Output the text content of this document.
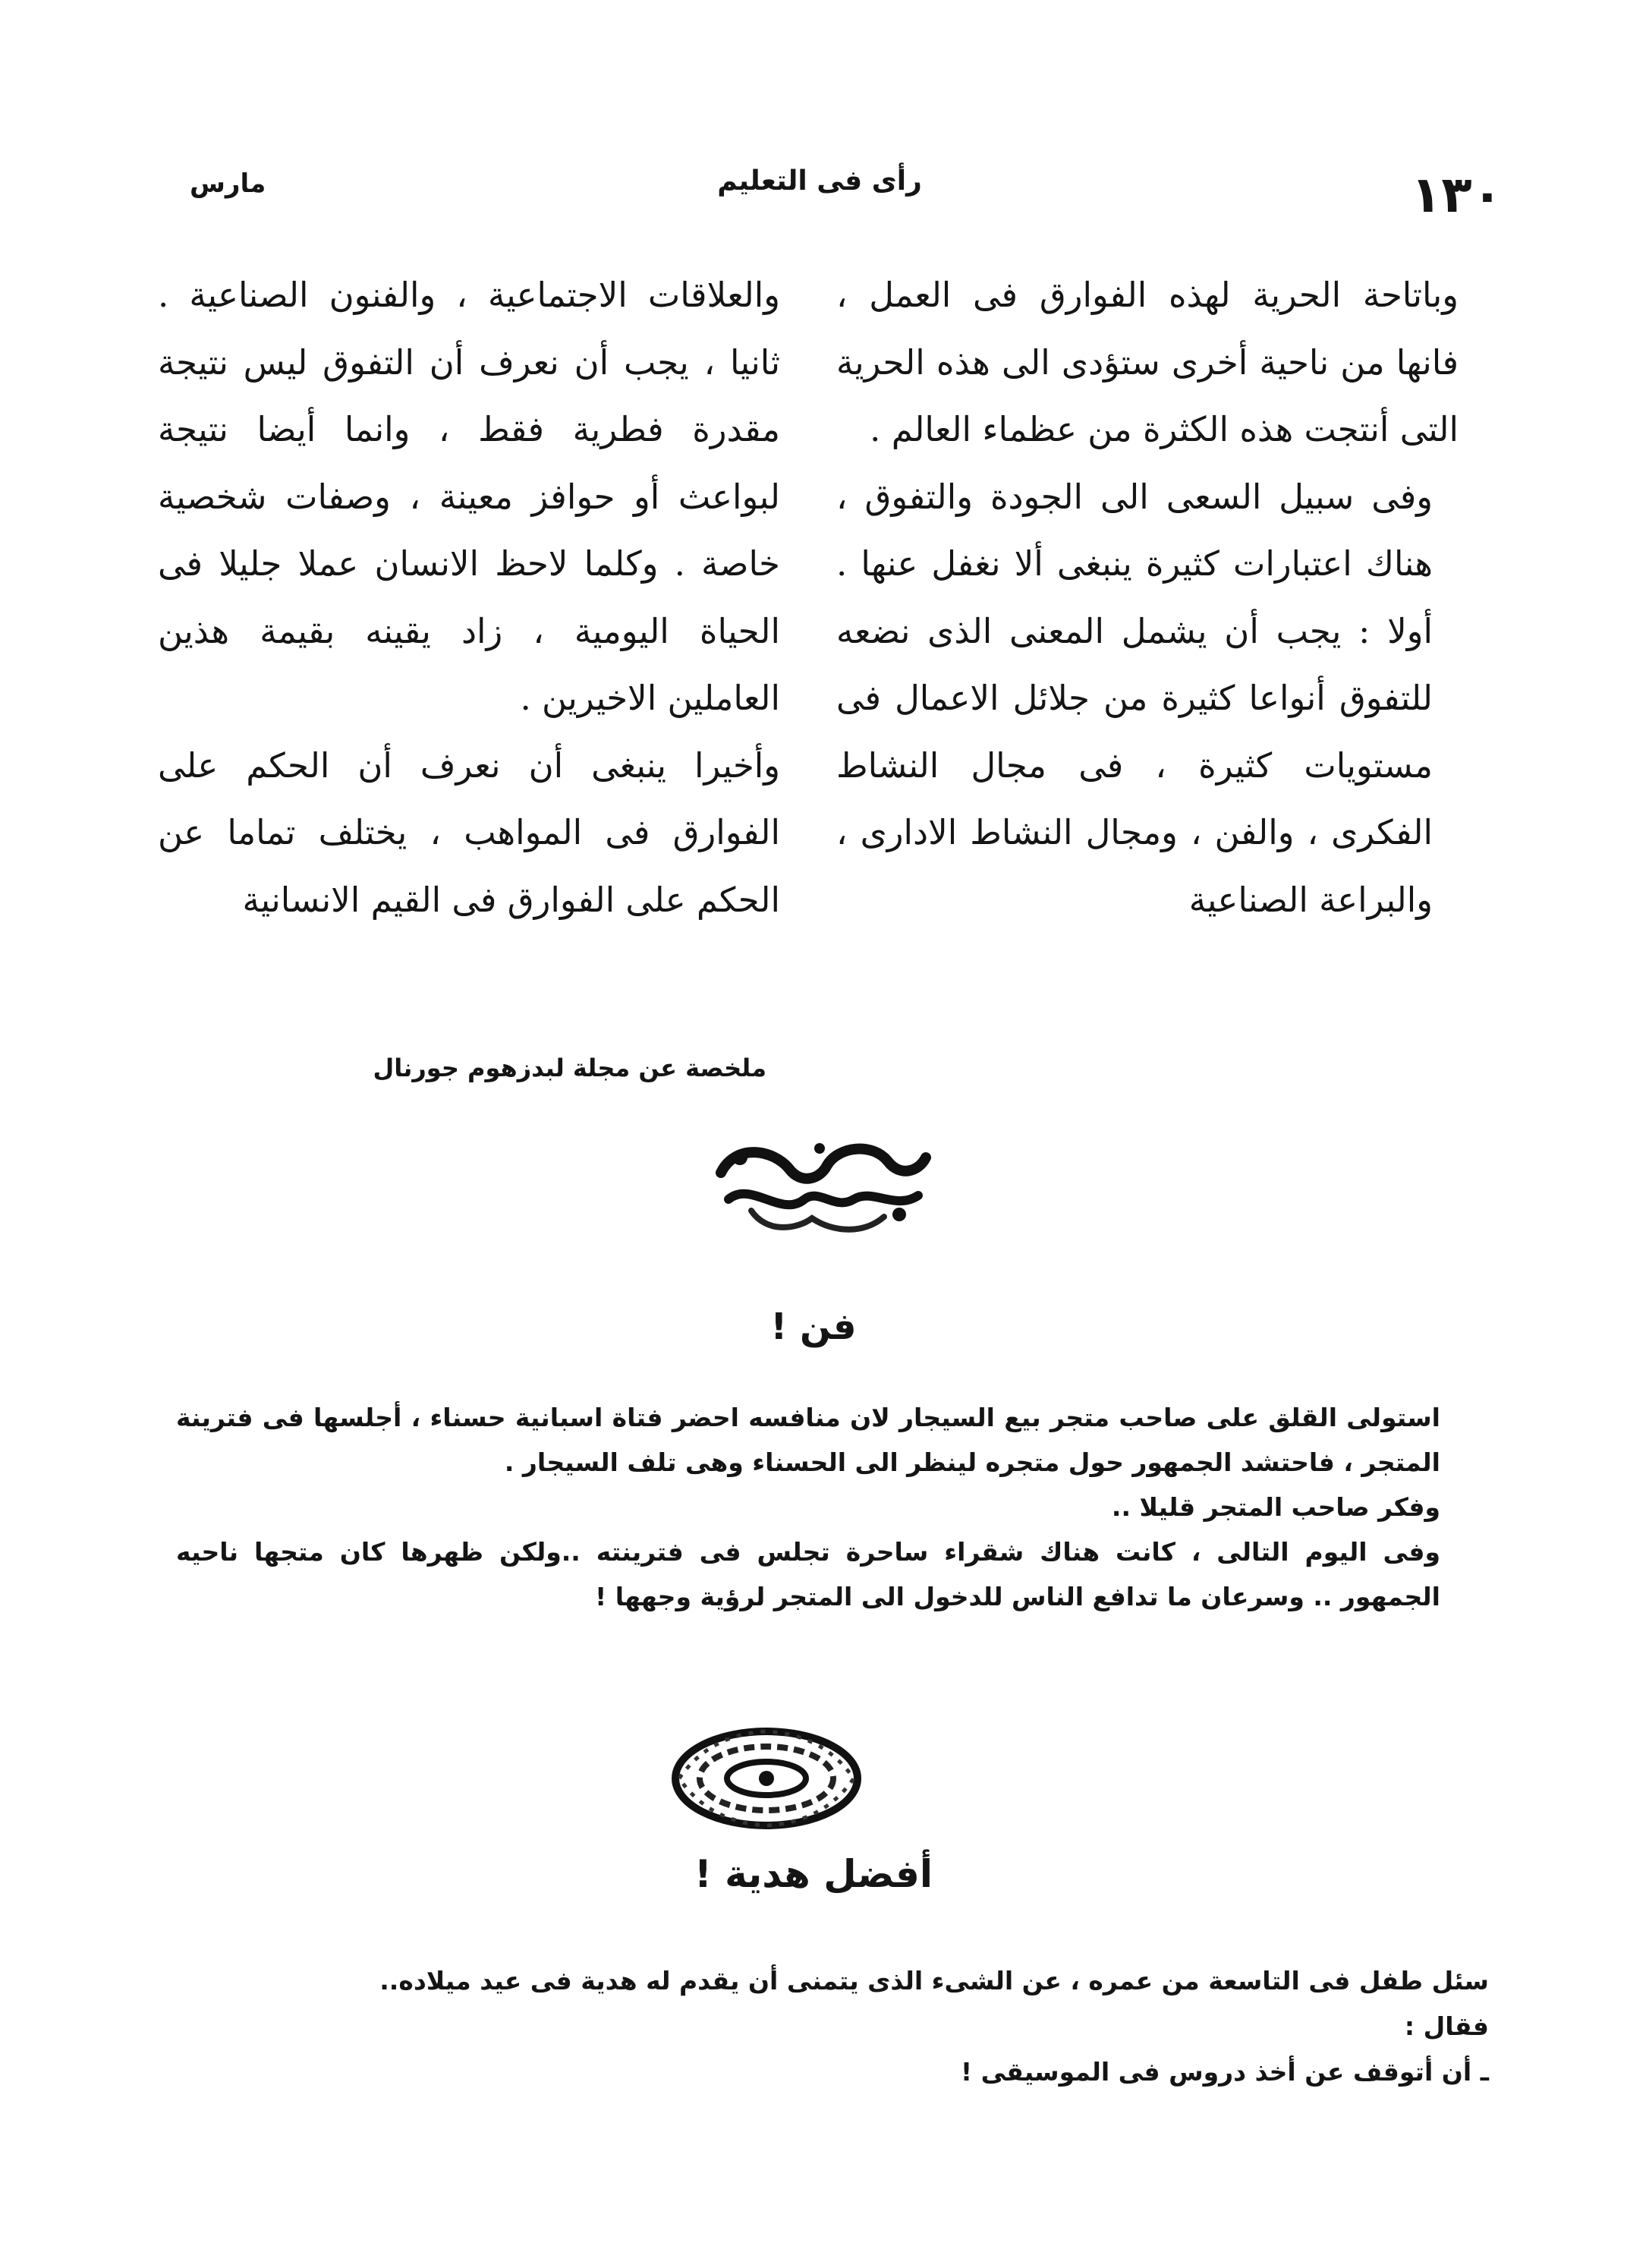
١٣٠
رأى فى التعليم
مارس

وباتاحة الحرية لهذه الفوارق فى العمل ، فانها من ناحية أخرى ستؤدى الى هذه الحرية التى أنتجت هذه الكثرة من عظماء العالم .

وفى سبيل السعى الى الجودة والتفوق ، هناك اعتبارات كثيرة ينبغى ألا نغفل عنها . أولا : يجب أن يشمل المعنى الذى نضعه للتفوق أنواعا كثيرة من جلائل الاعمال فى مستويات كثيرة ، فى مجال النشاط الفكرى ، والفن ، ومجال النشاط الادارى ، والبراعة الصناعية

والعلاقات الاجتماعية ، والفنون الصناعية . ثانيا ، يجب أن نعرف أن التفوق ليس نتيجة مقدرة فطرية فقط ، وانما أيضا نتيجة لبواعث أو حوافز معينة ، وصفات شخصية خاصة . وكلما لاحظ الانسان عملا جليلا فى الحياة اليومية ، زاد يقينه بقيمة هذين العاملين الاخيرين .

وأخيرا ينبغى أن نعرف أن الحكم على الفوارق فى المواهب ، يختلف تماما عن الحكم على الفوارق فى القيم الانسانية

ملخصة عن مجلة لبدزهوم جورنال
فن !

استولى القلق على صاحب متجر بيع السيجار لان منافسه احضر فتاة اسبانية حسناء ، أجلسها فى فترينة المتجر ، فاحتشد الجمهور حول متجره لينظر الى الحسناء وهى تلف السيجار .

وفكر صاحب المتجر قليلا ..

وفى اليوم التالى ، كانت هناك شقراء ساحرة تجلس فى فترينته ..ولكن ظهرها كان متجها ناحيه الجمهور .. وسرعان ما تدافع الناس للدخول الى المتجر لرؤية وجهها !

أفضل هدية !

سئل طفل فى التاسعة من عمره ، عن الشىء الذى يتمنى أن يقدم له هدية فى عيد ميلاده..

فقال :

ـ أن أتوقف عن أخذ دروس فى الموسيقى !
